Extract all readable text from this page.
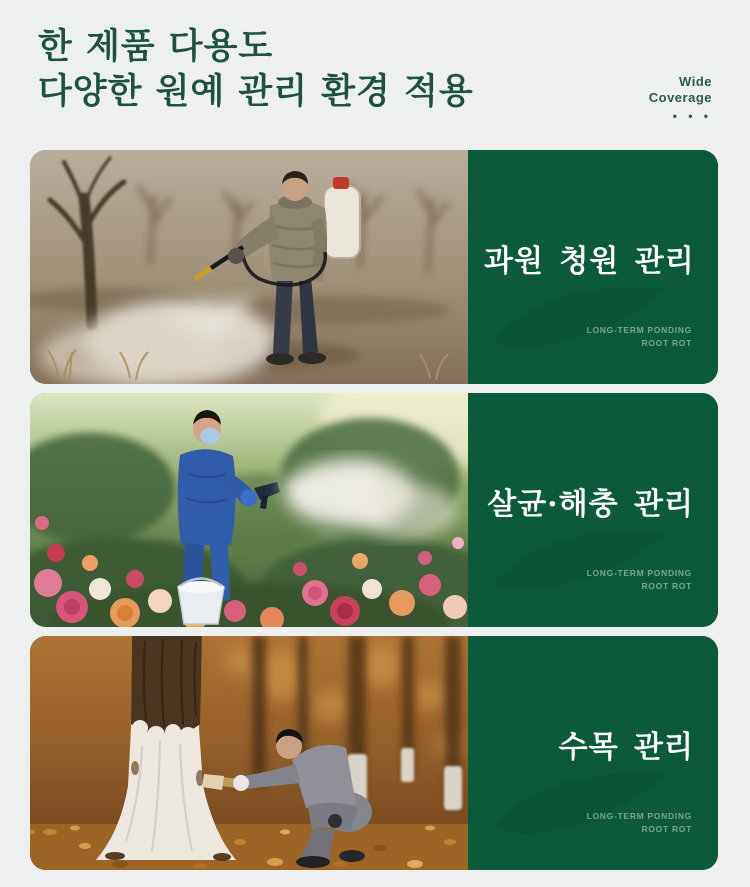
한 제품 다용도
다양한 원예 관리 환경 적용	Wide
Coverage
• • •
과원 청원 관리
LONG-TERM PONDING
ROOT ROT
살균·해충 관리
LONG-TERM PONDING
ROOT ROT
수목 관리
LONG-TERM PONDING
ROOT ROT
